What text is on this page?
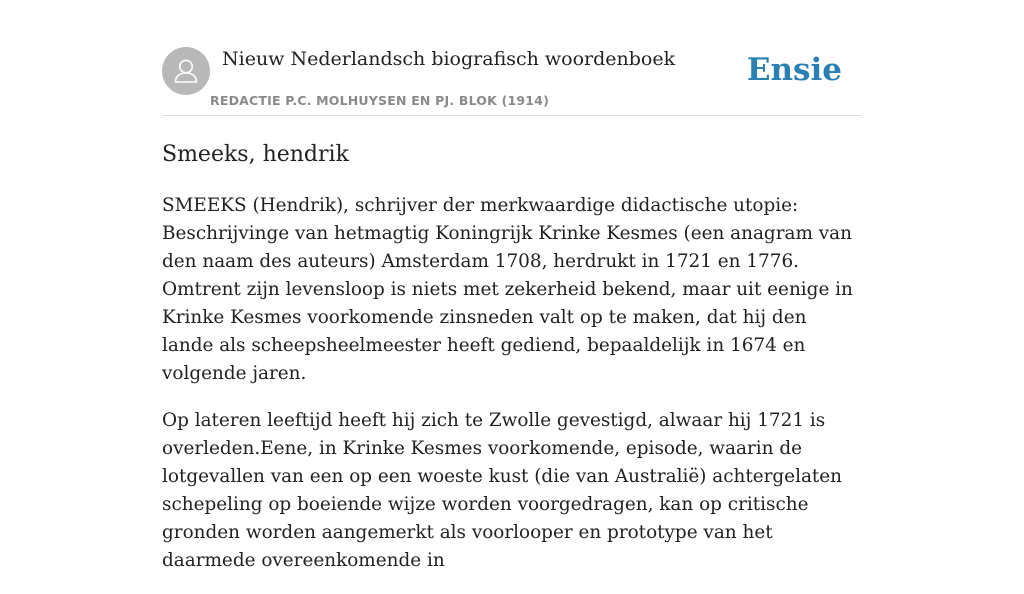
Nieuw Nederlandsch biografisch woordenboek
REDACTIE P.C. MOLHUYSEN EN PJ. BLOK (1914)
Ensie
Smeeks, hendrik

SMEEKS (Hendrik), schrijver der merkwaardige didactische utopie: Beschrijvinge van hetmagtig Koningrijk Krinke Kesmes (een anagram van den naam des auteurs) Amsterdam 1708, herdrukt in 1721 en 1776. Omtrent zijn levensloop is niets met zekerheid bekend, maar uit eenige in Krinke Kesmes voorkomende zinsneden valt op te maken, dat hij den lande als scheepsheelmeester heeft gediend, bepaaldelijk in 1674 en volgende jaren.

Op lateren leeftijd heeft hij zich te Zwolle gevestigd, alwaar hij 1721 is overleden.Eene, in Krinke Kesmes voorkomende, episode, waarin de lotgevallen van een op een woeste kust (die van Australië) achtergelaten schepeling op boeiende wijze worden voorgedragen, kan op critische gronden worden aangemerkt als voorlooper en prototype van het daarmede overeenkomende in
